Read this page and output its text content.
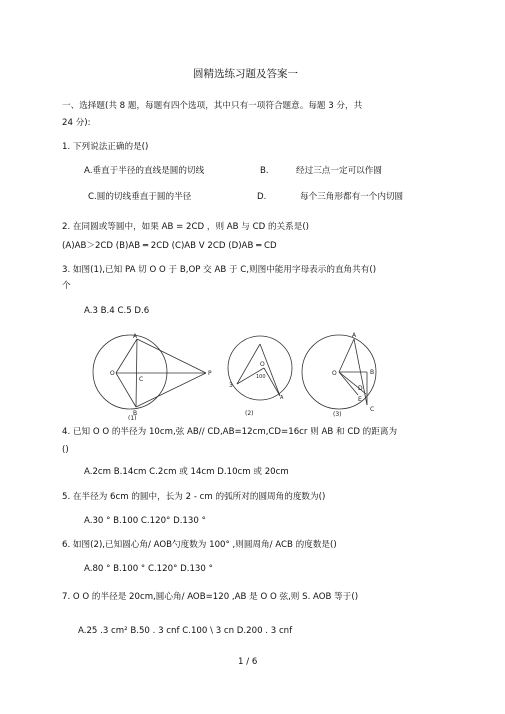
圆精选练习题及答案一
一、选择题(共 8 题，每题有四个选项，其中只有一项符合题意。每题 3 分，共
24 分):
1. 下列说法正确的是()
A.垂直于半径的直线是圆的切线	B.	经过三点一定可以作圆
C.圆的切线垂直于圆的半径	D.	每个三角形都有一个内切圆
2. 在同圆或等圆中，如果 AB = 2CD ，则 AB 与 CD 的关系是()
(A)AB＞2CD (B)AB ═ 2CD (C)AB V 2CD (D)AB ═ CD
3. 如图(1),已知 PA 切 O O 于 B,OP 交 AB 于 C,则图中能用字母表示的直角共有()
个
A.3 B.4 C.5 D.6
A
O
C
B
P
(1)
O
100
3
A
(2)
A
O	B
D
E
C
(3)
4. 已知 O O 的半径为 10cm,弦 AB// CD,AB=12cm,CD=16cr 则 AB 和 CD 的距离为
()
A.2cm B.14cm C.2cm 或 14cm D.10cm 或 20cm
5. 在半径为 6cm 的圆中，长为 2 - cm 的弧所对的圆周角的度数为()
A.30 ° B.100 C.120° D.130 °
6. 如图(2),已知圆心角/ AOB勺度数为 100° ,则圆周角/ ACB 的度数是()
A.80 ° B.100 ° C.120° D.130 °
7. O O 的半径是 20cm,圆心角/ AOB=120 ,AB 是 O O 弦,则 S. AOB 等于()
A.25 .3 cm² B.50 . 3 cnf C.100 \ 3 cn D.200 . 3 cnf
1 / 6
